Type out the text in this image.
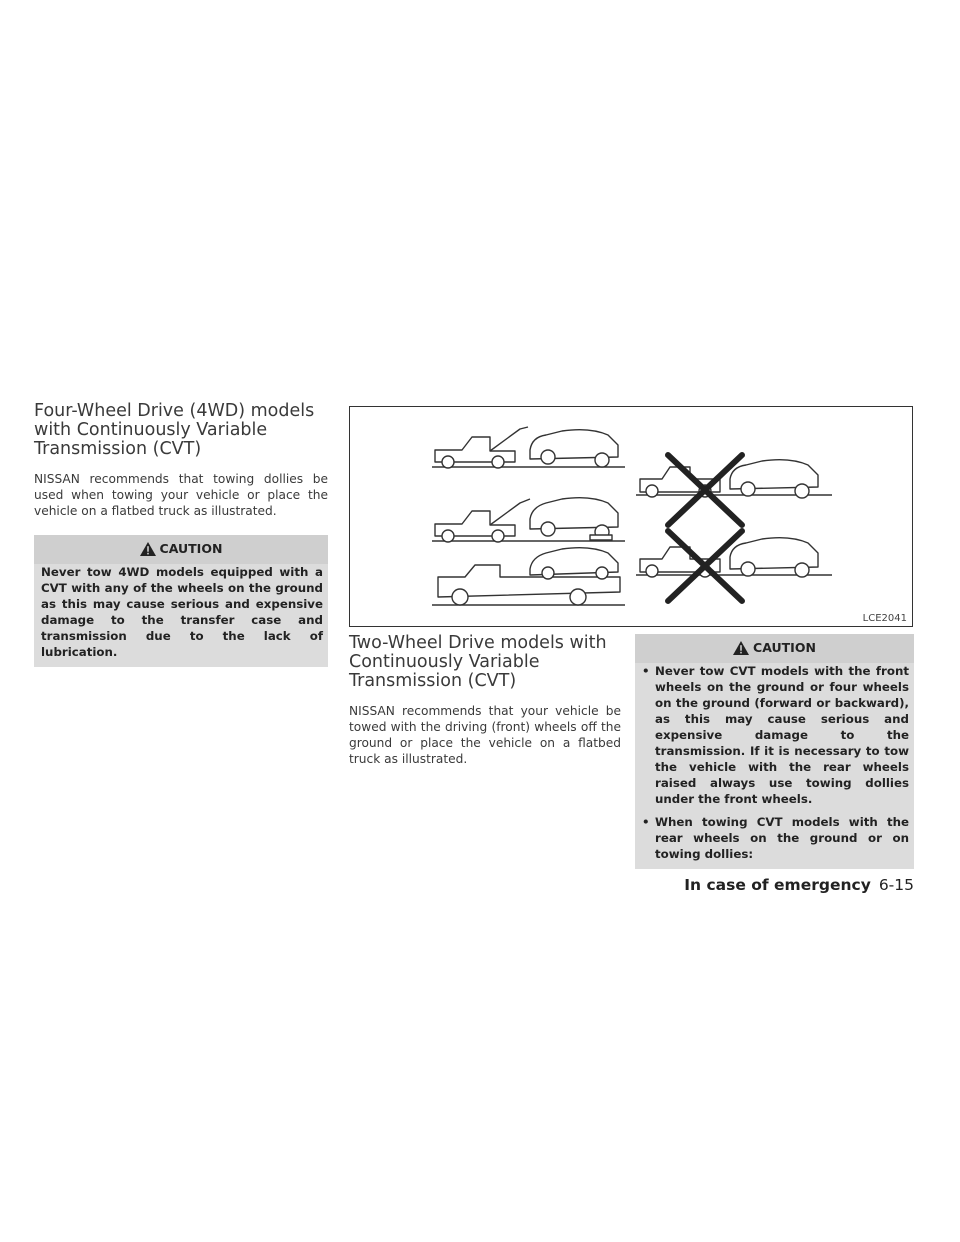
Four-Wheel Drive (4WD) models with Continuously Variable Transmission (CVT)

NISSAN recommends that towing dollies be used when towing your vehicle or place the vehicle on a flatbed truck as illustrated.

CAUTION
Never tow 4WD models equipped with a CVT with any of the wheels on the ground as this may cause serious and expensive damage to the transfer case and transmission due to the lack of lubrication.
LCE2041
Two-Wheel Drive models with Continuously Variable Transmission (CVT)

NISSAN recommends that your vehicle be towed with the driving (front) wheels off the ground or place the vehicle on a flatbed truck as illustrated.

CAUTION
• Never tow CVT models with the front wheels on the ground or four wheels on the ground (forward or backward), as this may cause serious and expensive damage to the transmission. If it is necessary to tow the vehicle with the rear wheels raised always use towing dollies under the front wheels.
• When towing CVT models with the rear wheels on the ground or on towing dollies:
In case of emergency 6-15
